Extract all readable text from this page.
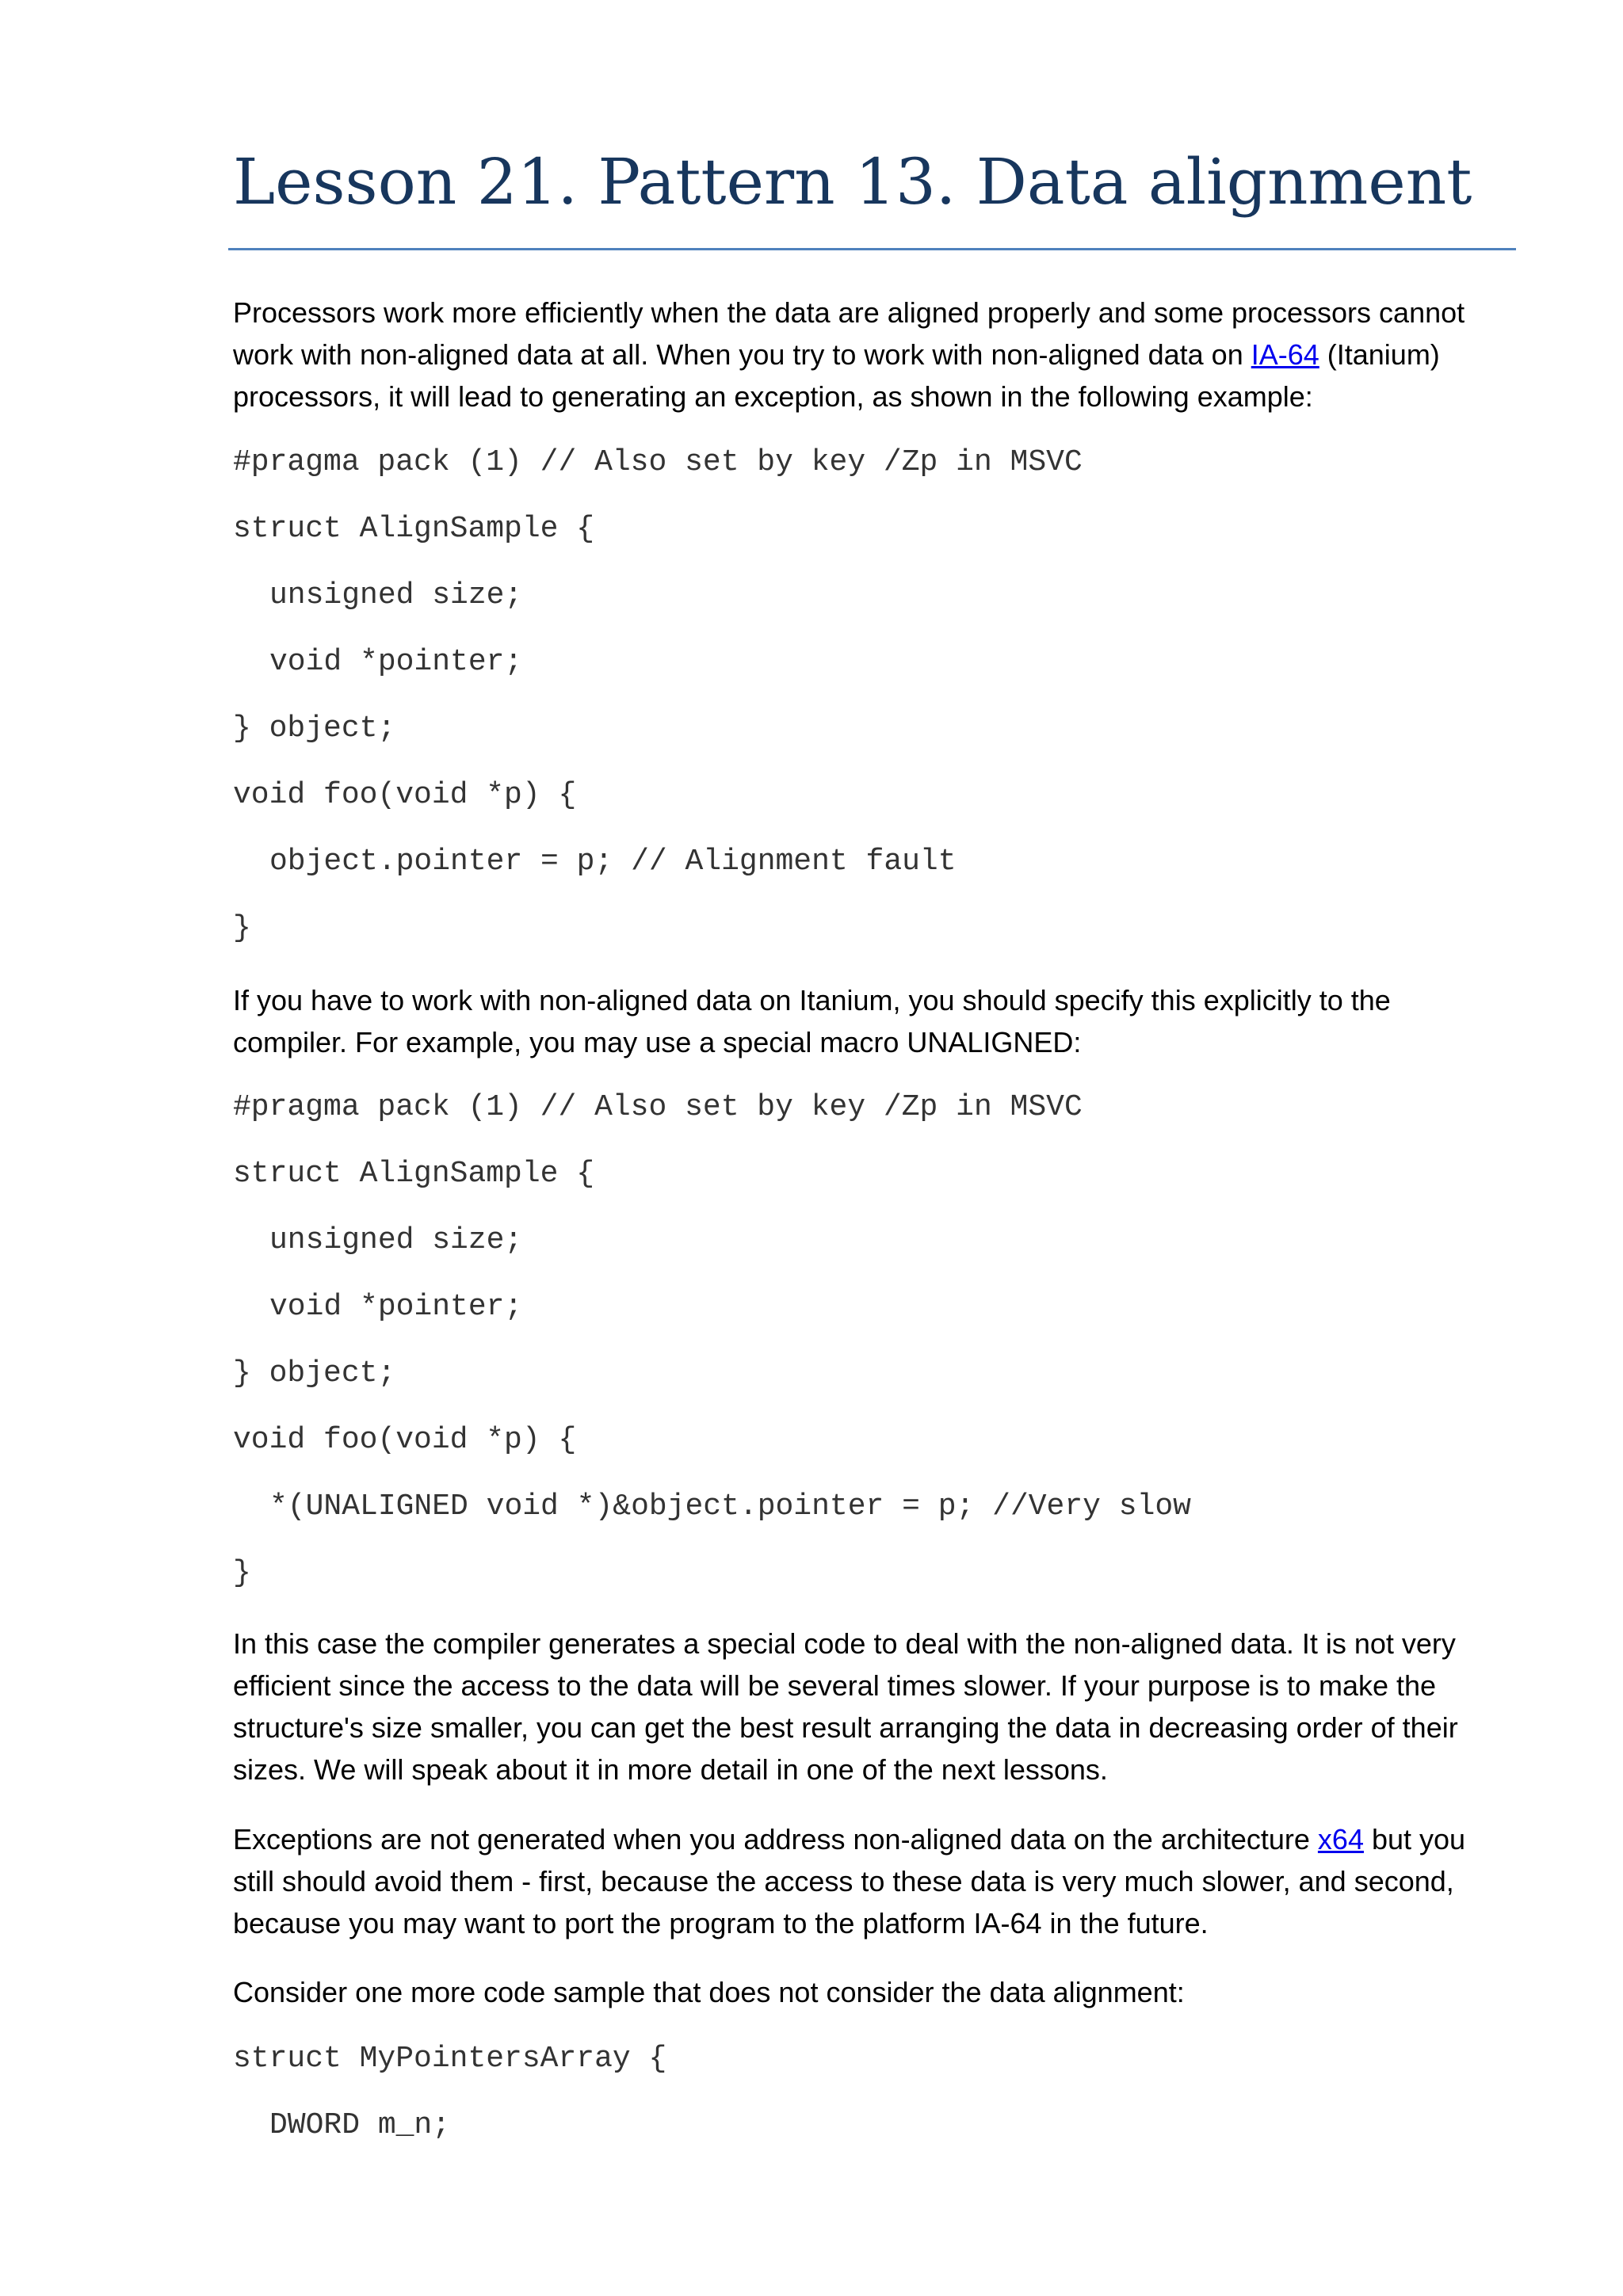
Lesson 21. Pattern 13. Data alignment

Processors work more efficiently when the data are aligned properly and some processors cannot work with non-aligned data at all. When you try to work with non-aligned data on IA-64 (Itanium) processors, it will lead to generating an exception, as shown in the following example:

#pragma pack (1) // Also set by key /Zp in MSVC
struct AlignSample {
unsigned size;
void *pointer;
} object;
void foo(void *p) {
object.pointer = p; // Alignment fault
}

If you have to work with non-aligned data on Itanium, you should specify this explicitly to the compiler. For example, you may use a special macro UNALIGNED:

#pragma pack (1) // Also set by key /Zp in MSVC
struct AlignSample {
unsigned size;
void *pointer;
} object;
void foo(void *p) {
*(UNALIGNED void *)&object.pointer = p; //Very slow
}

In this case the compiler generates a special code to deal with the non-aligned data. It is not very efficient since the access to the data will be several times slower. If your purpose is to make the structure's size smaller, you can get the best result arranging the data in decreasing order of their sizes. We will speak about it in more detail in one of the next lessons.

Exceptions are not generated when you address non-aligned data on the architecture x64 but you still should avoid them - first, because the access to these data is very much slower, and second, because you may want to port the program to the platform IA-64 in the future.

Consider one more code sample that does not consider the data alignment:

struct MyPointersArray {
DWORD m_n;
